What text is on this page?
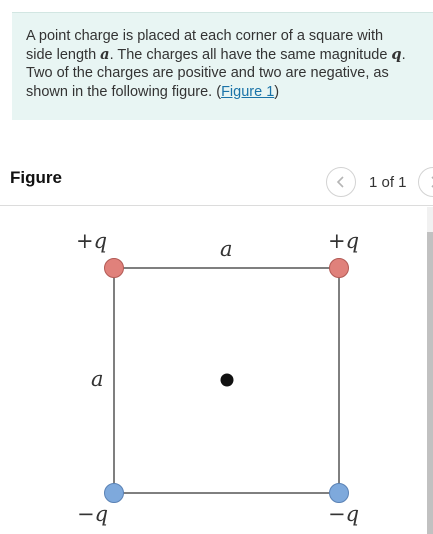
A point charge is placed at each corner of a square with
side length a. The charges all have the same magnitude q.
Two of the charges are positive and two are negative, as
shown in the following figure. (Figure 1)
Figure	1 of 1
+q	+q
−q	−q
a
a
